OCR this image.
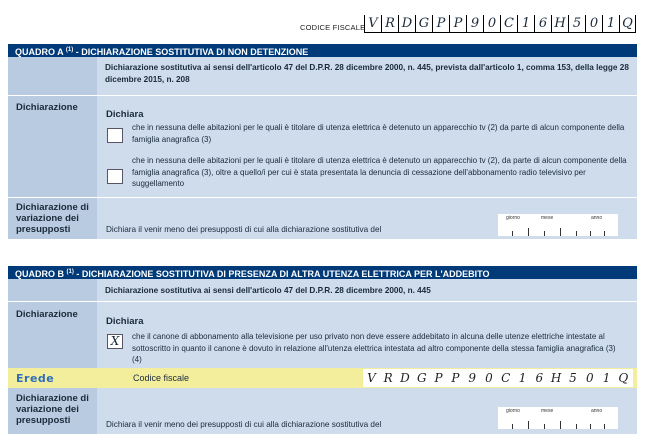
CODICE FISCALE V R D G P P 9 0 C 1 6 H 5 0 1 Q
QUADRO A $^{(1)}$ - DICHIARAZIONE SOSTITUTIVA DI NON DETENZIONE
Dichiarazione sostitutiva ai sensi dell'articolo 47 del D.P.R. 28 dicembre 2000, n. 445, prevista dall'articolo 1, comma 153, della legge 28 dicembre 2015, n. 208
Dichiarazione
Dichiara
che in nessuna delle abitazioni per le quali è titolare di utenza elettrica è detenuto un apparecchio tv (2) da parte di alcun componente della famiglia anagrafica (3)
che in nessuna delle abitazioni per le quali è titolare di utenza elettrica è detenuto un apparecchio tv (2), da parte di alcun componente della famiglia anagrafica (3), oltre a quello/i per cui è stata presentata la denuncia di cessazione dell'abbonamento radio televisivo per suggellamento
Dichiarazione di variazione dei presupposti	Dichiara il venir meno dei presupposti di cui alla dichiarazione sostitutiva del
giorno	mese	anno
QUADRO B $^{(1)}$ - DICHIARAZIONE SOSTITUTIVA DI PRESENZA DI ALTRA UTENZA ELETTRICA PER L'ADDEBITO
Dichiarazione sostitutiva ai sensi dell'articolo 47 del D.P.R. 28 dicembre 2000, n. 445
Dichiarazione
Dichiara
X	che il canone di abbonamento alla televisione per uso privato non deve essere addebitato in alcuna delle utenze elettriche intestate al sottoscritto in quanto il canone è dovuto in relazione all'utenza elettrica intestata ad altro componente della stessa famiglia anagrafica (3) (4)
Erede	Codice fiscale	V R D G P P 9 0 C 1 6 H 5 0 1 Q
Dichiarazione di variazione dei presupposti	Dichiara il venir meno dei presupposti di cui alla dichiarazione sostitutiva del
giorno	mese	anno
